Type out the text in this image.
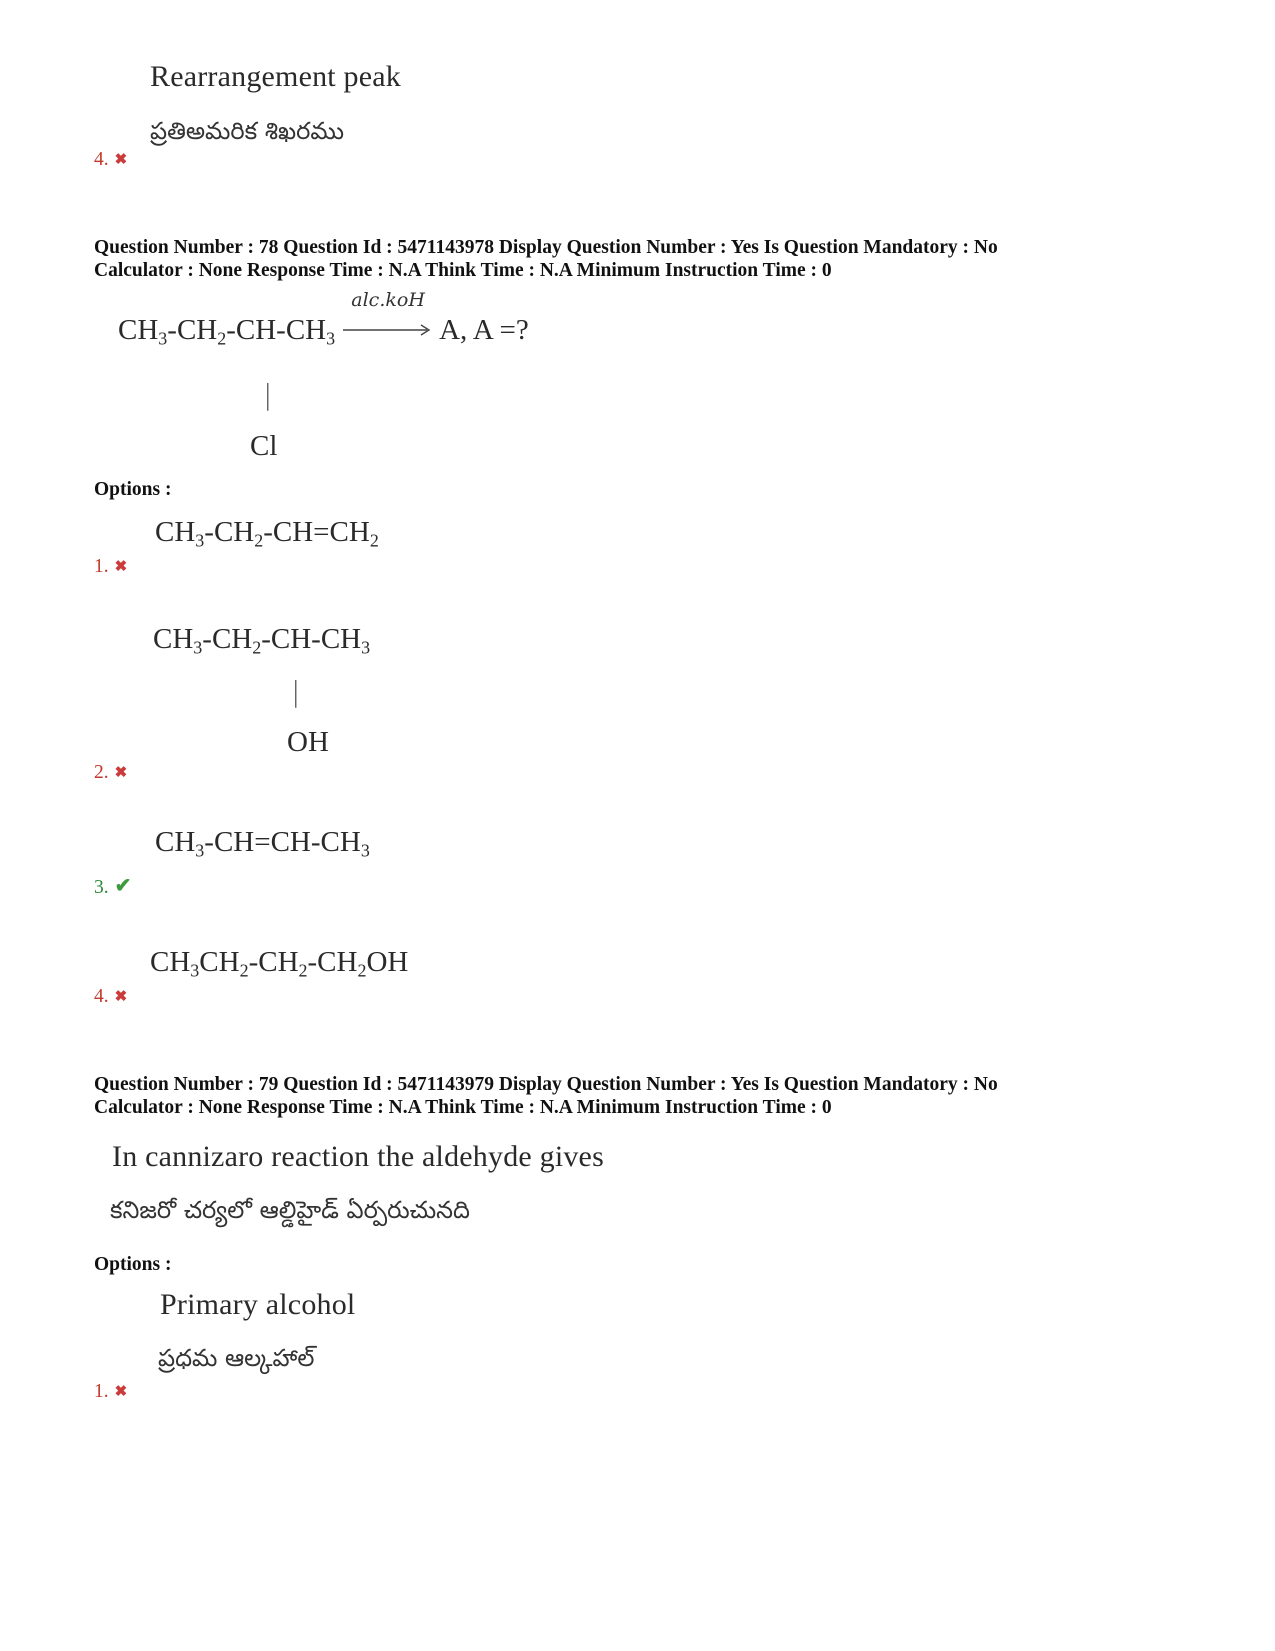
Rearrangement peak
ప్రతిఅమరిక శిఖరము
4. ✖
Question Number : 78 Question Id : 5471143978 Display Question Number : Yes Is Question Mandatory : No
Calculator : None Response Time : N.A Think Time : N.A Minimum Instruction Time : 0
$CH_3-CH_2-CH-CH_3$
alc.koH
A, A =?
|
Cl
Options :
$CH_3-CH_2-CH=CH_2$
1. ✖
$CH_3-CH_2-CH-CH_3$
|
OH
2. ✖
$CH_3-CH=CH-CH_3$
3. ✔
$CH_3CH_2-CH_2-CH_2OH$
4. ✖
Question Number : 79 Question Id : 5471143979 Display Question Number : Yes Is Question Mandatory : No
Calculator : None Response Time : N.A Think Time : N.A Minimum Instruction Time : 0
In cannizaro reaction the aldehyde gives
కనిజరో చర్యలో ఆల్డిహైడ్ ఏర్పరుచునది
Options :
Primary alcohol
ప్రధమ ఆల్కహాల్
1. ✖
